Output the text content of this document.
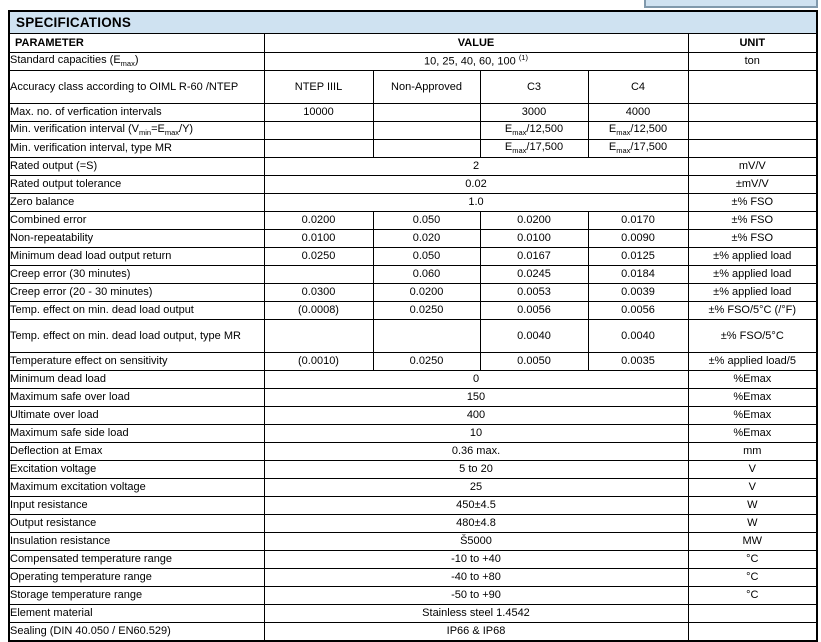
SPECIFICATIONS					
PARAMETER	VALUE				UNIT
Standard capacities $(E_{max})$	10, 25, 40, 60, 100 $^{(1)}$				ton
Accuracy class according to OIML R-60 /NTEP	NTEP IIIL	Non-Approved	C3	C4	
Max. no. of verfication intervals	10000		3000	4000	
Min. verification interval $(V_{min}=E_{max}/Y)$			$E_{max}/12,500$	$E_{max}/12,500$	
Min. verification interval, type MR			$E_{max}/17,500$	$E_{max}/17,500$	
Rated output (=S)	2				mV/V
Rated output tolerance	0.02				±mV/V
Zero balance	1.0				±% FSO
Combined error	0.0200	0.050	0.0200	0.0170	±% FSO
Non-repeatability	0.0100	0.020	0.0100	0.0090	±% FSO
Minimum dead load output return	0.0250	0.050	0.0167	0.0125	±% applied load
Creep error (30 minutes)		0.060	0.0245	0.0184	±% applied load
Creep error (20 - 30 minutes)	0.0300	0.0200	0.0053	0.0039	±% applied load
Temp. effect on min. dead load output	(0.0008)	0.0250	0.0056	0.0056	±% FSO/5°C (/°F)
Temp. effect on min. dead load output, type MR			0.0040	0.0040	±% FSO/5°C
Temperature effect on sensitivity	(0.0010)	0.0250	0.0050	0.0035	±% applied load/5
Minimum dead load	0				%Emax
Maximum safe over load	150				%Emax
Ultimate over load	400				%Emax
Maximum safe side load	10				%Emax
Deflection at Emax	0.36 max.				mm
Excitation voltage	5 to 20				V
Maximum excitation voltage	25				V
Input resistance	450±4.5				W
Output resistance	480±4.8				W
Insulation resistance	Š5000				MW
Compensated temperature range	-10 to +40				°C
Operating temperature range	-40 to +80				°C
Storage temperature range	-50 to +90				°C
Element material	Stainless steel 1.4542				
Sealing (DIN 40.050 / EN60.529)	IP66 & IP68				
